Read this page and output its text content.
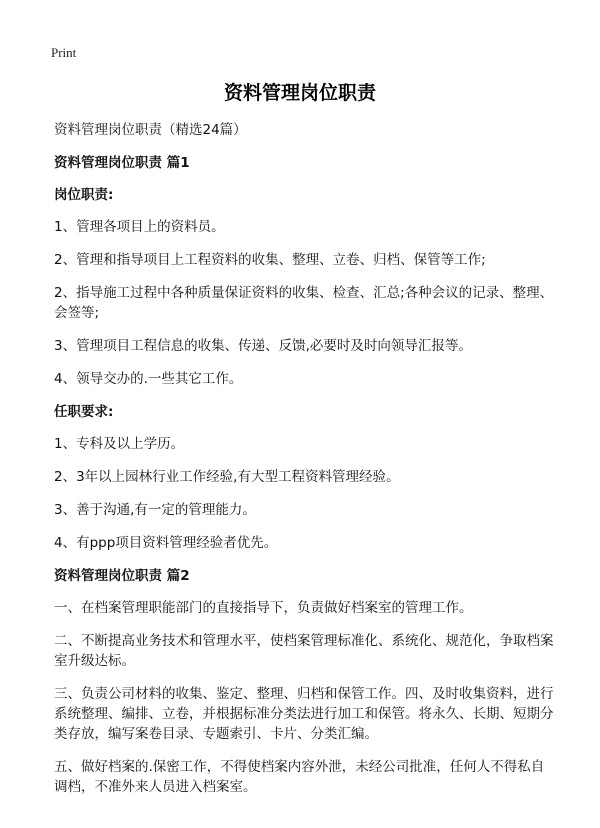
Print
资料管理岗位职责

资料管理岗位职责（精选24篇）

资料管理岗位职责 篇1

岗位职责:

1、管理各项目上的资料员。

2、管理和指导项目上工程资料的收集、整理、立卷、归档、保管等工作;

2、指导施工过程中各种质量保证资料的收集、检查、汇总;各种会议的记录、整理、会签等;

3、管理项目工程信息的收集、传递、反馈,必要时及时向领导汇报等。

4、领导交办的.一些其它工作。

任职要求:

1、专科及以上学历。

2、3年以上园林行业工作经验,有大型工程资料管理经验。

3、善于沟通,有一定的管理能力。

4、有ppp项目资料管理经验者优先。

资料管理岗位职责 篇2

一、在档案管理职能部门的直接指导下，负责做好档案室的管理工作。

二、不断提高业务技术和管理水平，使档案管理标准化、系统化、规范化，争取档案室升级达标。

三、负责公司材料的收集、鉴定、整理、归档和保管工作。四、及时收集资料，进行系统整理、编排、立卷，并根据标准分类法进行加工和保管。将永久、长期、短期分类存放，编写案卷目录、专题索引、卡片、分类汇编。

五、做好档案的.保密工作，不得使档案内容外泄，未经公司批准，任何人不得私自调档，不准外来人员进入档案室。
